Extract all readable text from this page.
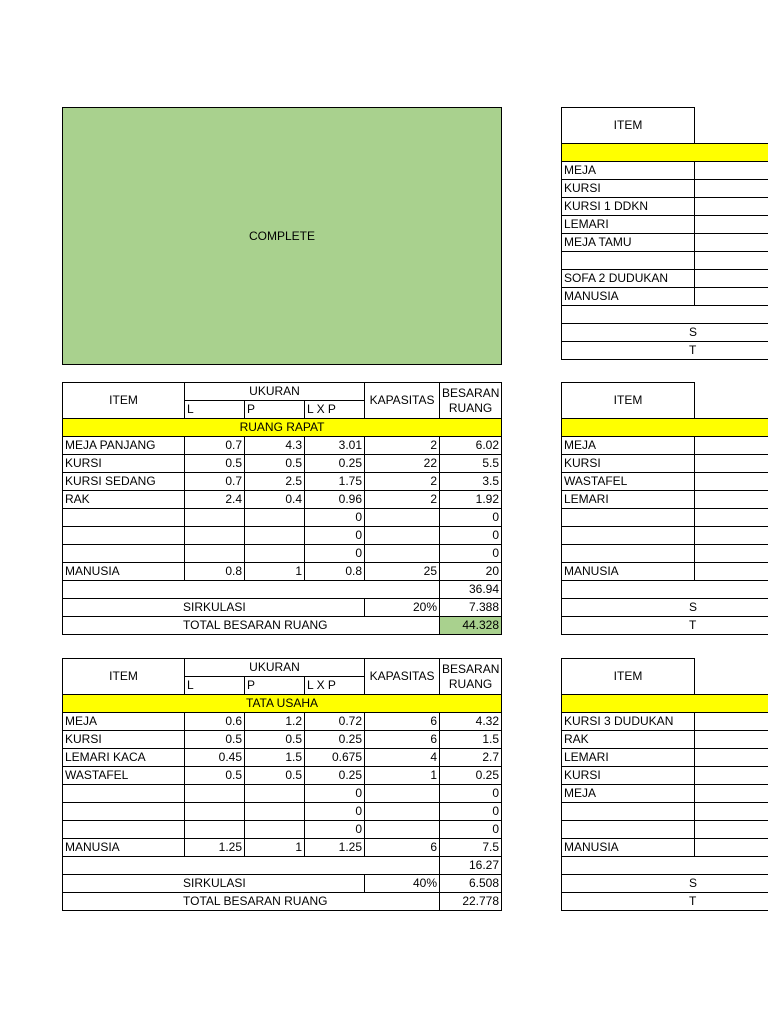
COMPLETE
ITEM	

MEJA	
KURSI	
KURSI 1 DDKN	
LEMARI	
MEJA TAMU	

SOFA 2 DUDUKAN	
MANUSIA	

S	
T	
ITEM	

MEJA	
KURSI	
WASTAFEL	
LEMARI	

MANUSIA	

S	
T	
ITEM	

KURSI 3 DUDUKAN	
RAK	
LEMARI	
KURSI	
MEJA	

MANUSIA	

S	
T	
ITEM	UKURAN			KAPASITAS	BESARAN
RUANG
	L	P	L X P		
RUANG RAPAT					
MEJA PANJANG	0.7	4.3	3.01	2	6.02
KURSI	0.5	0.5	0.25	22	5.5
KURSI SEDANG	0.7	2.5	1.75	2	3.5
RAK	2.4	0.4	0.96	2	1.92
			0		0
			0		0
			0		0
MANUSIA	0.8	1	0.8	25	20
					36.94
SIRKULASI				20%	7.388
TOTAL BESARAN RUANG					44.328
ITEM	UKURAN			KAPASITAS	BESARAN
RUANG
	L	P	L X P		
TATA USAHA					
MEJA	0.6	1.2	0.72	6	4.32
KURSI	0.5	0.5	0.25	6	1.5
LEMARI KACA	0.45	1.5	0.675	4	2.7
WASTAFEL	0.5	0.5	0.25	1	0.25
			0		0
			0		0
			0		0
MANUSIA	1.25	1	1.25	6	7.5
					16.27
SIRKULASI				40%	6.508
TOTAL BESARAN RUANG					22.778
